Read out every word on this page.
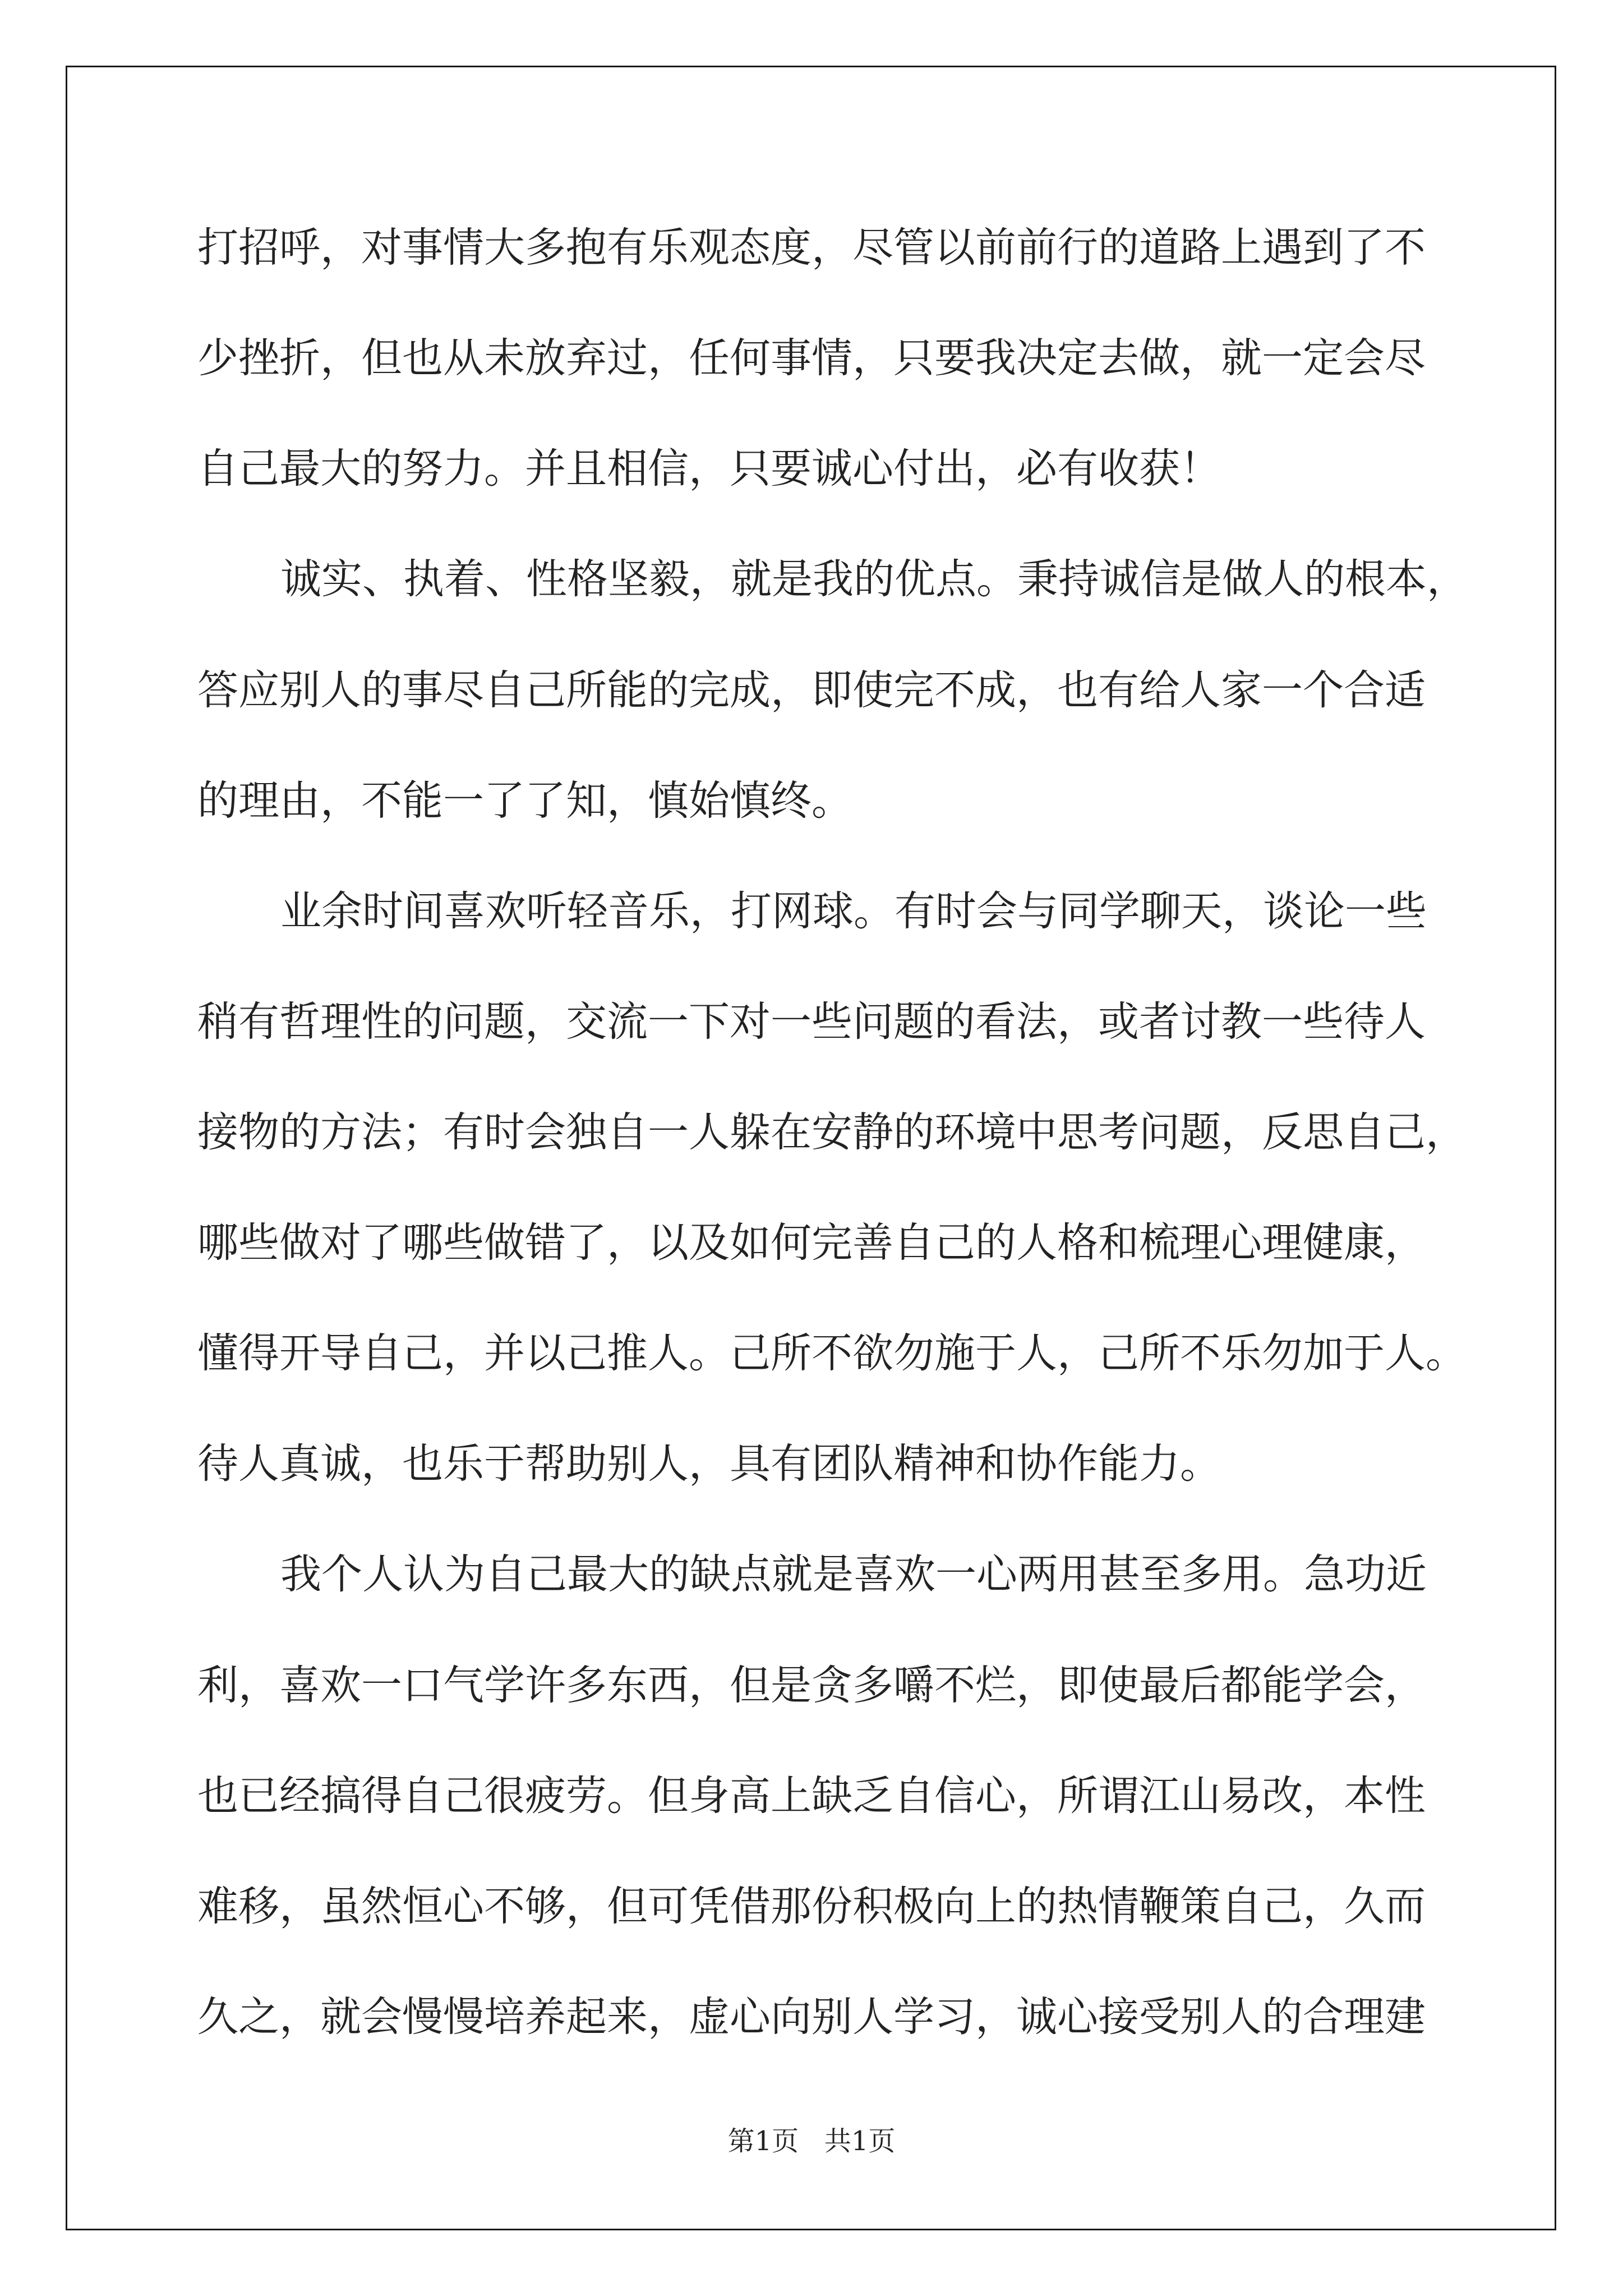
打招呼，对事情大多抱有乐观态度，尽管以前前行的道路上遇到了不
少挫折，但也从未放弃过，任何事情，只要我决定去做，就一定会尽
自己最大的努力。并且相信，只要诚心付出，必有收获！
诚实、执着、性格坚毅，就是我的优点。秉持诚信是做人的根本，
答应别人的事尽自己所能的完成，即使完不成，也有给人家一个合适
的理由，不能一了了知，慎始慎终。
业余时间喜欢听轻音乐，打网球。有时会与同学聊天，谈论一些
稍有哲理性的问题，交流一下对一些问题的看法，或者讨教一些待人
接物的方法；有时会独自一人躲在安静的环境中思考问题，反思自己，
哪些做对了哪些做错了，以及如何完善自己的人格和梳理心理健康，
懂得开导自己，并以己推人。己所不欲勿施于人，己所不乐勿加于人。
待人真诚，也乐于帮助别人，具有团队精神和协作能力。
我个人认为自己最大的缺点就是喜欢一心两用甚至多用。急功近
利，喜欢一口气学许多东西，但是贪多嚼不烂，即使最后都能学会，
也已经搞得自己很疲劳。但身高上缺乏自信心，所谓江山易改，本性
难移，虽然恒心不够，但可凭借那份积极向上的热情鞭策自己，久而
久之，就会慢慢培养起来，虚心向别人学习，诚心接受别人的合理建
第1页 共1页
